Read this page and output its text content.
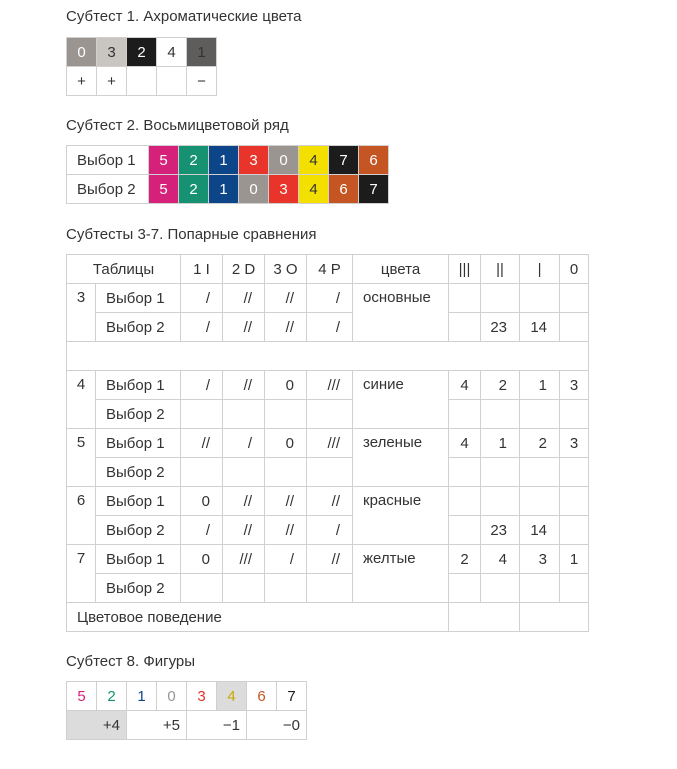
Субтест 1. Ахроматические цвета
0	3	2	4	1
+	+			−
Субтест 2. Восьмицветовой ряд
Выбор 1	5	2	1	3	0	4	7	6
Выбор 2	5	2	1	0	3	4	6	7
Субтесты 3-7. Попарные сравнения
Таблицы		1 I	2 D	3 O	4 P	цвета	|||	||	|	0
3	Выбор 1	/	//	//	/	основные				
	Выбор 2	/	//	//	/			23	14	

4	Выбор 1	/	//	0	///	синие	4	2	1	3
	Выбор 2									
5	Выбор 1	//	/	0	///	зеленые	4	1	2	3
	Выбор 2									
6	Выбор 1	0	//	//	//	красные				
	Выбор 2	/	//	//	/			23	14	
7	Выбор 1	0	///	/	//	желтые	2	4	3	1
	Выбор 2									
Цветовое поведение										
Субтест 8. Фигуры
5	2	1	0	3	4	6	7
+4		+5		−1		−0	
